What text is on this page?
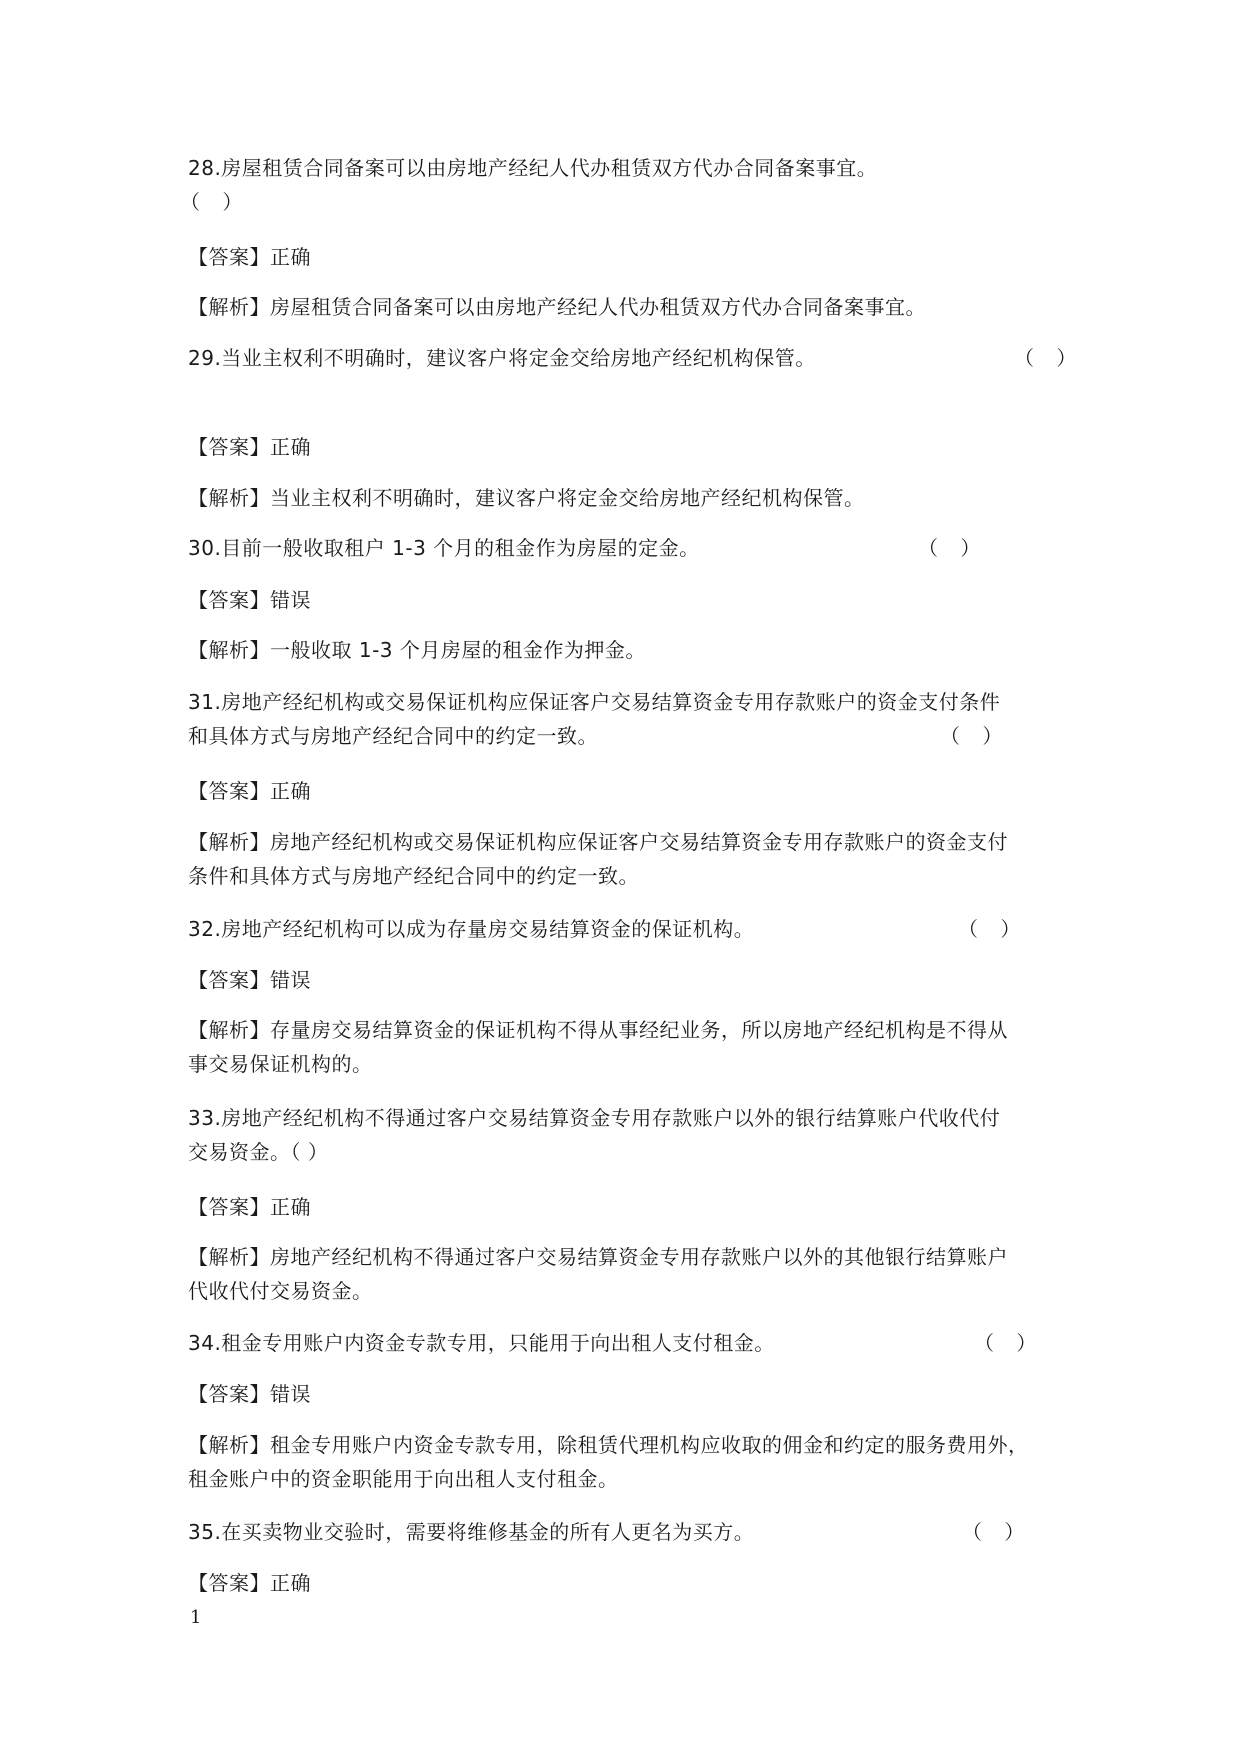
28.房屋租赁合同备案可以由房地产经纪人代办租赁双方代办合同备案事宜。
（ ）
【答案】正确
【解析】房屋租赁合同备案可以由房地产经纪人代办租赁双方代办合同备案事宜。
29.当业主权利不明确时，建议客户将定金交给房地产经纪机构保管。	（ ）
【答案】正确
【解析】当业主权利不明确时，建议客户将定金交给房地产经纪机构保管。
30.目前一般收取租户 1-3 个月的租金作为房屋的定金。	（ ）
【答案】错误
【解析】一般收取 1-3 个月房屋的租金作为押金。
31.房地产经纪机构或交易保证机构应保证客户交易结算资金专用存款账户的资金支付条件
和具体方式与房地产经纪合同中的约定一致。	（ ）
【答案】正确
【解析】房地产经纪机构或交易保证机构应保证客户交易结算资金专用存款账户的资金支付
条件和具体方式与房地产经纪合同中的约定一致。
32.房地产经纪机构可以成为存量房交易结算资金的保证机构。	（ ）
【答案】错误
【解析】存量房交易结算资金的保证机构不得从事经纪业务，所以房地产经纪机构是不得从
事交易保证机构的。
33.房地产经纪机构不得通过客户交易结算资金专用存款账户以外的银行结算账户代收代付
交易资金。（ ）
【答案】正确
【解析】房地产经纪机构不得通过客户交易结算资金专用存款账户以外的其他银行结算账户
代收代付交易资金。
34.租金专用账户内资金专款专用，只能用于向出租人支付租金。	（ ）
【答案】错误
【解析】租金专用账户内资金专款专用，除租赁代理机构应收取的佣金和约定的服务费用外，
租金账户中的资金职能用于向出租人支付租金。
35.在买卖物业交验时，需要将维修基金的所有人更名为买方。	（ ）
【答案】正确
1
